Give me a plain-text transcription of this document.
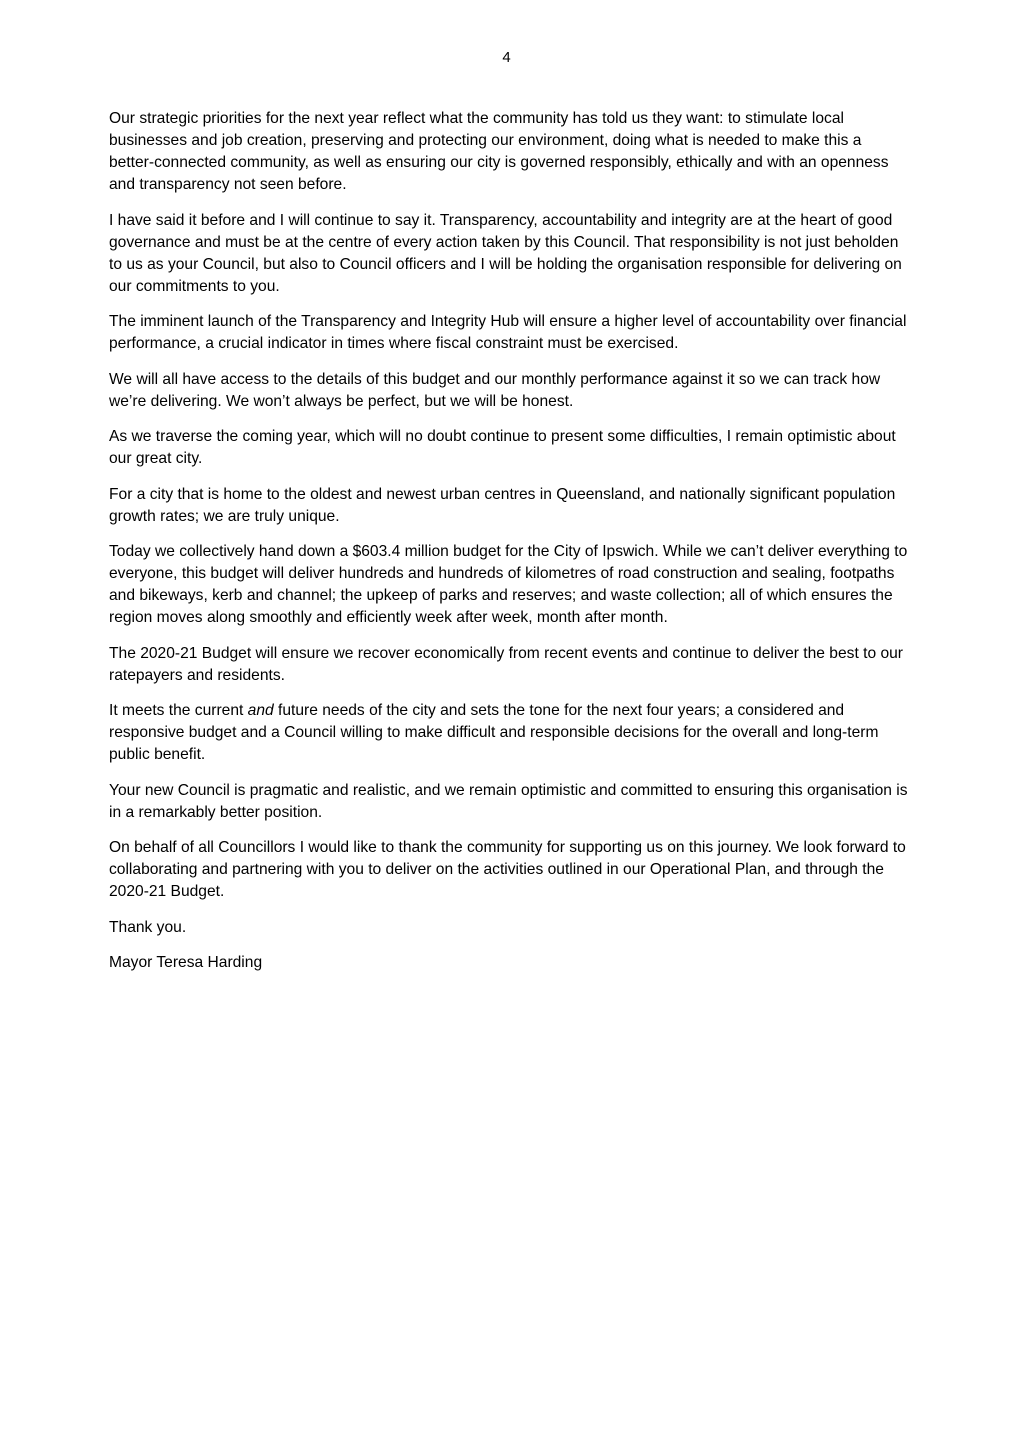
4

Our strategic priorities for the next year reflect what the community has told us they want: to stimulate local businesses and job creation, preserving and protecting our environment, doing what is needed to make this a better-connected community, as well as ensuring our city is governed responsibly, ethically and with an openness and transparency not seen before.

I have said it before and I will continue to say it. Transparency, accountability and integrity are at the heart of good governance and must be at the centre of every action taken by this Council. That responsibility is not just beholden to us as your Council, but also to Council officers and I will be holding the organisation responsible for delivering on our commitments to you.

The imminent launch of the Transparency and Integrity Hub will ensure a higher level of accountability over financial performance, a crucial indicator in times where fiscal constraint must be exercised.

We will all have access to the details of this budget and our monthly performance against it so we can track how we’re delivering. We won’t always be perfect, but we will be honest.

As we traverse the coming year, which will no doubt continue to present some difficulties, I remain optimistic about our great city.

For a city that is home to the oldest and newest urban centres in Queensland, and nationally significant population growth rates; we are truly unique.

Today we collectively hand down a $603.4 million budget for the City of Ipswich. While we can’t deliver everything to everyone, this budget will deliver hundreds and hundreds of kilometres of road construction and sealing, footpaths and bikeways, kerb and channel; the upkeep of parks and reserves; and waste collection; all of which ensures the region moves along smoothly and efficiently week after week, month after month.

The 2020-21 Budget will ensure we recover economically from recent events and continue to deliver the best to our ratepayers and residents.

It meets the current and future needs of the city and sets the tone for the next four years; a considered and responsive budget and a Council willing to make difficult and responsible decisions for the overall and long-term public benefit.

Your new Council is pragmatic and realistic, and we remain optimistic and committed to ensuring this organisation is in a remarkably better position.

On behalf of all Councillors I would like to thank the community for supporting us on this journey. We look forward to collaborating and partnering with you to deliver on the activities outlined in our Operational Plan, and through the 2020-21 Budget.

Thank you.

Mayor Teresa Harding
